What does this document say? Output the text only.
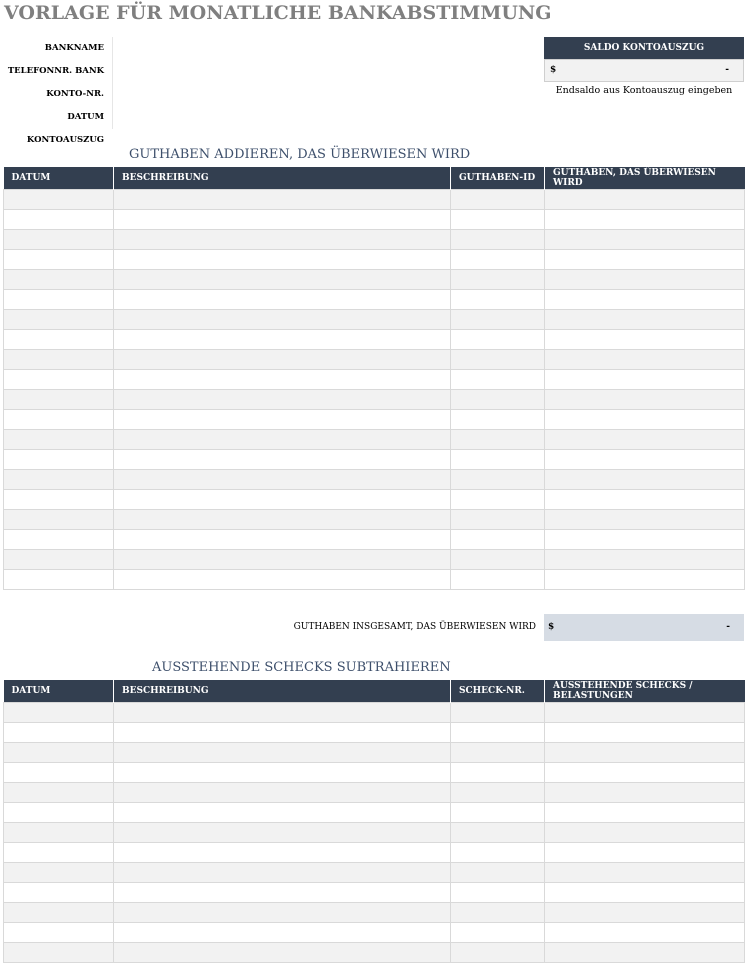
VORLAGE FÜR MONATLICHE BANKABSTIMMUNG
BANKNAME
TELEFONNR. BANK
KONTO-NR.
DATUM KONTOAUSZUG
SALDO KONTOAUSZUG
$	-
Endsaldo aus Kontoauszug eingeben
GUTHABEN ADDIEREN, DAS ÜBERWIESEN WIRD
DATUM	BESCHREIBUNG	GUTHABEN-ID	GUTHABEN, DAS ÜBERWIESEN WIRD

GUTHABEN INSGESAMT, DAS ÜBERWIESEN WIRD $	-
AUSSTEHENDE SCHECKS SUBTRAHIEREN
DATUM	BESCHREIBUNG	SCHECK-NR.	AUSSTEHENDE SCHECKS / BELASTUNGEN
